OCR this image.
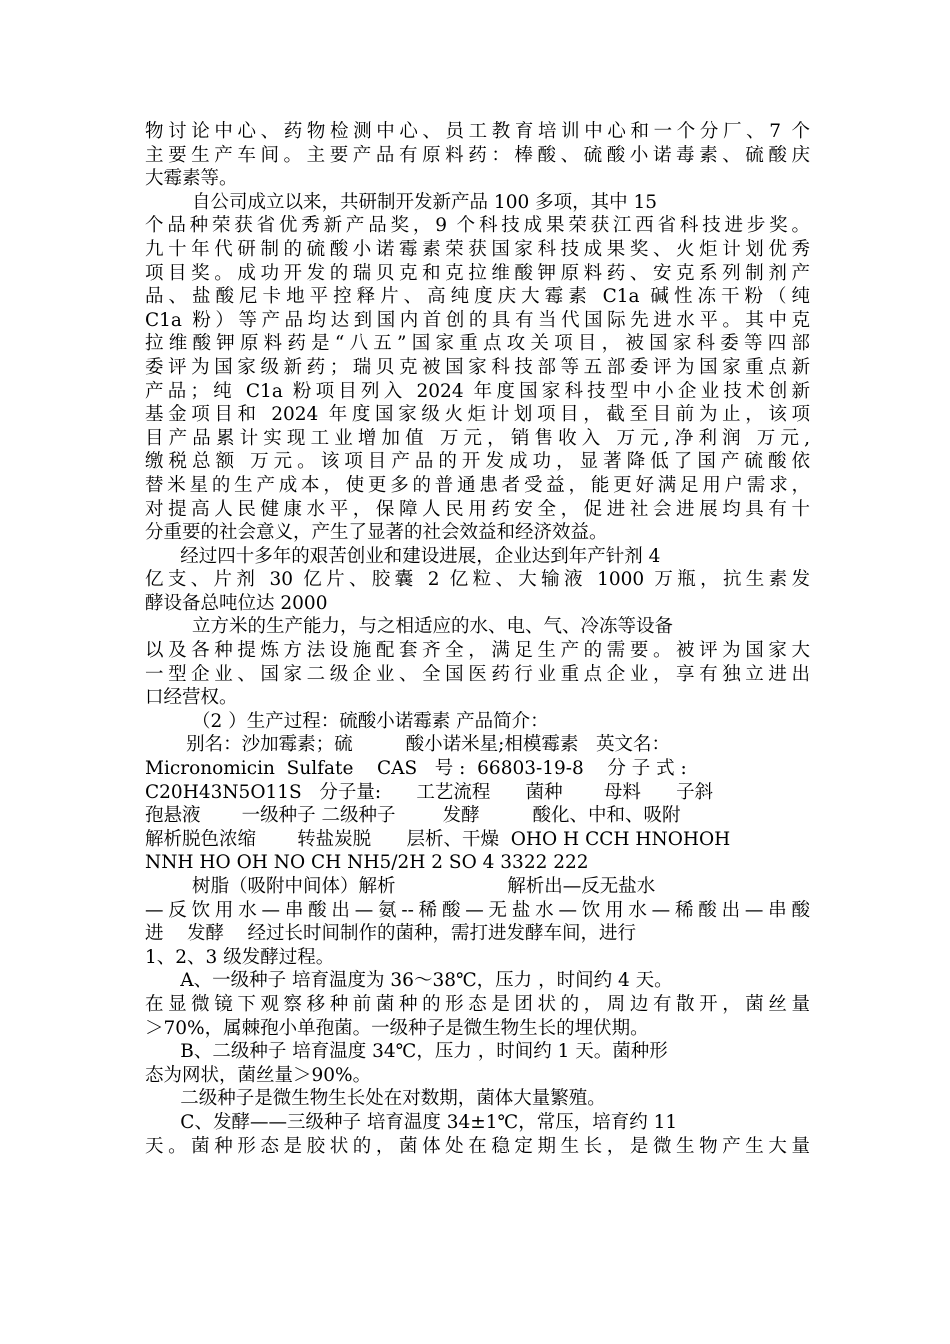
物讨论中心、药物检测中心、员工教育培训中心和一个分厂、7 个
主要生产车间。主要产品有原料药：棒酸、硫酸小诺毒素、硫酸庆
大霉素等。
自公司成立以来，共研制开发新产品 100 多项，其中 15
个品种荣获省优秀新产品奖，9 个科技成果荣获江西省科技进步奖。
九十年代研制的硫酸小诺霉素荣获国家科技成果奖、火炬计划优秀
项目奖。成功开发的瑞贝克和克拉维酸钾原料药、安克系列制剂产
品、盐酸尼卡地平控释片、高纯度庆大霉素 C1a 碱性冻干粉（纯
C1a 粉）等产品均达到国内首创的具有当代国际先进水平。其中克
拉维酸钾原料药是“八五”国家重点攻关项目，被国家科委等四部
委评为国家级新药；瑞贝克被国家科技部等五部委评为国家重点新
产品；纯 C1a 粉项目列入 2024 年度国家科技型中小企业技术创新
基金项目和 2024 年度国家级火炬计划项目，截至目前为止，该项
目产品累计实现工业增加值 万元，销售收入 万元,净利润 万元,
缴税总额 万元。该项目产品的开发成功，显著降低了国产硫酸依
替米星的生产成本，使更多的普通患者受益，能更好满足用户需求，
对提高人民健康水平，保障人民用药安全，促进社会进展均具有十
分重要的社会意义，产生了显著的社会效益和经济效益。
经过四十多年的艰苦创业和建设进展，企业达到年产针剂 4
亿支、片剂 30 亿片、胶囊 2 亿粒、大输液 1000 万瓶，抗生素发
酵设备总吨位达 2000
立方米的生产能力，与之相适应的水、电、气、冷冻等设备
以及各种提炼方法设施配套齐全，满足生产的需要。被评为国家大
一型企业、国家二级企业、全国医药行业重点企业，享有独立进出
口经营权。
（2 ）生产过程：硫酸小诺霉素 产品简介：
别名：沙加霉素；硫         酸小诺米星;相模霉素   英文名：
Micronomicin  Sulfate    CAS   号 :  66803-19-8    分 子 式 :
C20H43N5O11S   分子量:      工艺流程      菌种       母料      子斜
孢悬液       一级种子 二级种子        发酵         酸化、中和、吸附
解析脱色浓缩       转盐炭脱      层析、干燥  OHO H CCH HNOHOH
NNH HO OH NO CH NH5/2H 2 SO 4 3322 222
树脂（吸附中间体）解析                   解析出—反无盐水
—反饮用水—串酸出—氨--稀酸—无盐水—饮用水—稀酸出—串酸
进    发酵    经过长时间制作的菌种，需打进发酵车间，进行
1、2、3 级发酵过程。
A、一级种子 培育温度为 36～38℃，压力 ，时间约 4 天。
在显微镜下观察移种前菌种的形态是团状的，周边有散开，菌丝量
＞70%，属棘孢小单孢菌。一级种子是微生物生长的埋伏期。
B、二级种子 培育温度 34℃，压力 ，时间约 1 天。菌种形
态为网状，菌丝量＞90%。
二级种子是微生物生长处在对数期，菌体大量繁殖。
C、发酵——三级种子 培育温度 34±1℃，常压，培育约 11
天。菌种形态是胶状的，菌体处在稳定期生长，是微生物产生大量
